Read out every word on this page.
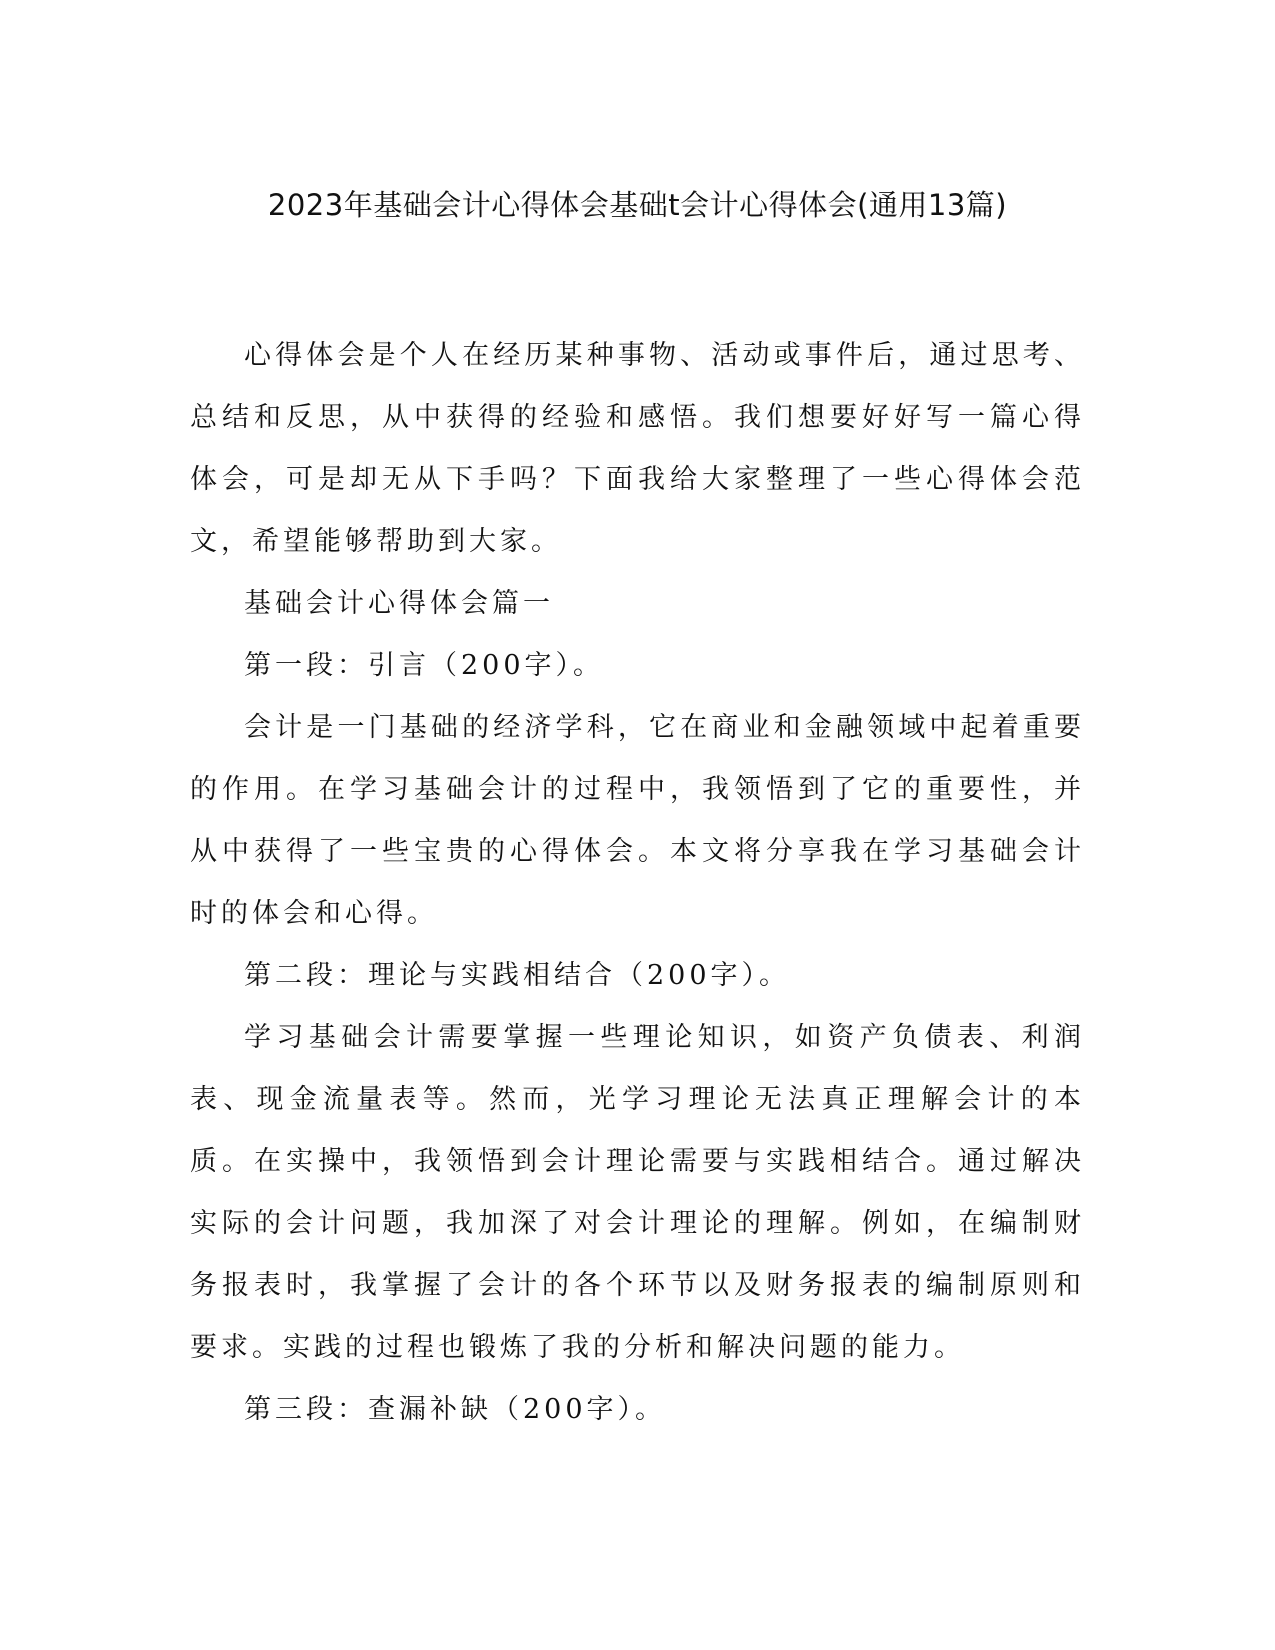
2023年基础会计心得体会基础t会计心得体会(通用13篇)

心得体会是个人在经历某种事物、活动或事件后，通过思考、总结和反思，从中获得的经验和感悟。我们想要好好写一篇心得体会，可是却无从下手吗？下面我给大家整理了一些心得体会范文，希望能够帮助到大家。

基础会计心得体会篇一

第一段：引言（200字）。

会计是一门基础的经济学科，它在商业和金融领域中起着重要的作用。在学习基础会计的过程中，我领悟到了它的重要性，并从中获得了一些宝贵的心得体会。本文将分享我在学习基础会计时的体会和心得。

第二段：理论与实践相结合（200字）。

学习基础会计需要掌握一些理论知识，如资产负债表、利润表、现金流量表等。然而，光学习理论无法真正理解会计的本质。在实操中，我领悟到会计理论需要与实践相结合。通过解决实际的会计问题，我加深了对会计理论的理解。例如，在编制财务报表时，我掌握了会计的各个环节以及财务报表的编制原则和要求。实践的过程也锻炼了我的分析和解决问题的能力。

第三段：查漏补缺（200字）。
